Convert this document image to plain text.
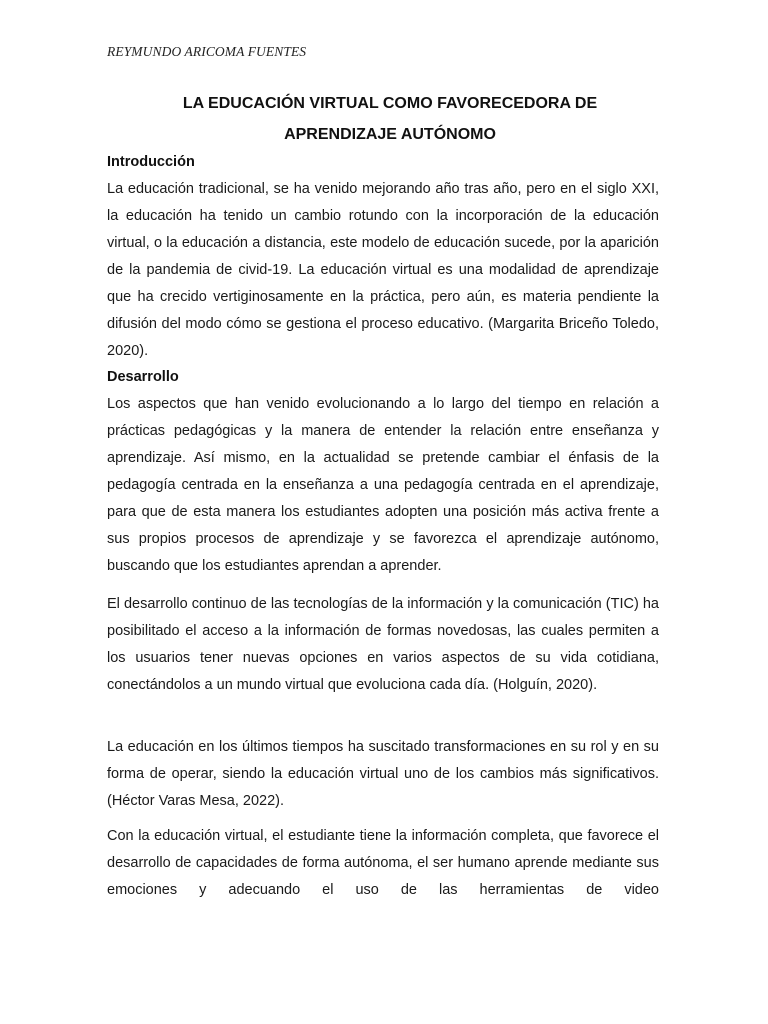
REYMUNDO ARICOMA FUENTES
LA EDUCACIÓN VIRTUAL COMO FAVORECEDORA DE
APRENDIZAJE AUTÓNOMO
Introducción
La educación tradicional, se ha venido mejorando año tras año, pero en el siglo XXI, la educación ha tenido un cambio rotundo con la incorporación de la educación virtual, o la educación a distancia, este modelo de educación sucede, por la aparición de la pandemia de civid-19. La educación virtual es una modalidad de aprendizaje que ha crecido vertiginosamente en la práctica, pero aún, es materia pendiente la difusión del modo cómo se gestiona el proceso educativo. (Margarita Briceño Toledo, 2020).
Desarrollo
Los aspectos que han venido evolucionando a lo largo del tiempo en relación a prácticas pedagógicas y la manera de entender la relación entre enseñanza y aprendizaje. Así mismo, en la actualidad se pretende cambiar el énfasis de la pedagogía centrada en la enseñanza a una pedagogía centrada en el aprendizaje, para que de esta manera los estudiantes adopten una posición más activa frente a sus propios procesos de aprendizaje y se favorezca el aprendizaje autónomo, buscando que los estudiantes aprendan a aprender.
El desarrollo continuo de las tecnologías de la información y la comunicación (TIC) ha posibilitado el acceso a la información de formas novedosas, las cuales permiten a los usuarios tener nuevas opciones en varios aspectos de su vida cotidiana, conectándolos a un mundo virtual que evoluciona cada día. (Holguín, 2020).
La educación en los últimos tiempos ha suscitado transformaciones en su rol y en su forma de operar, siendo la educación virtual uno de los cambios más significativos. (Héctor Varas Mesa, 2022).
Con la educación virtual, el estudiante tiene la información completa, que favorece el desarrollo de capacidades de forma autónoma, el ser humano aprende mediante sus emociones y adecuando el uso de las herramientas de video
